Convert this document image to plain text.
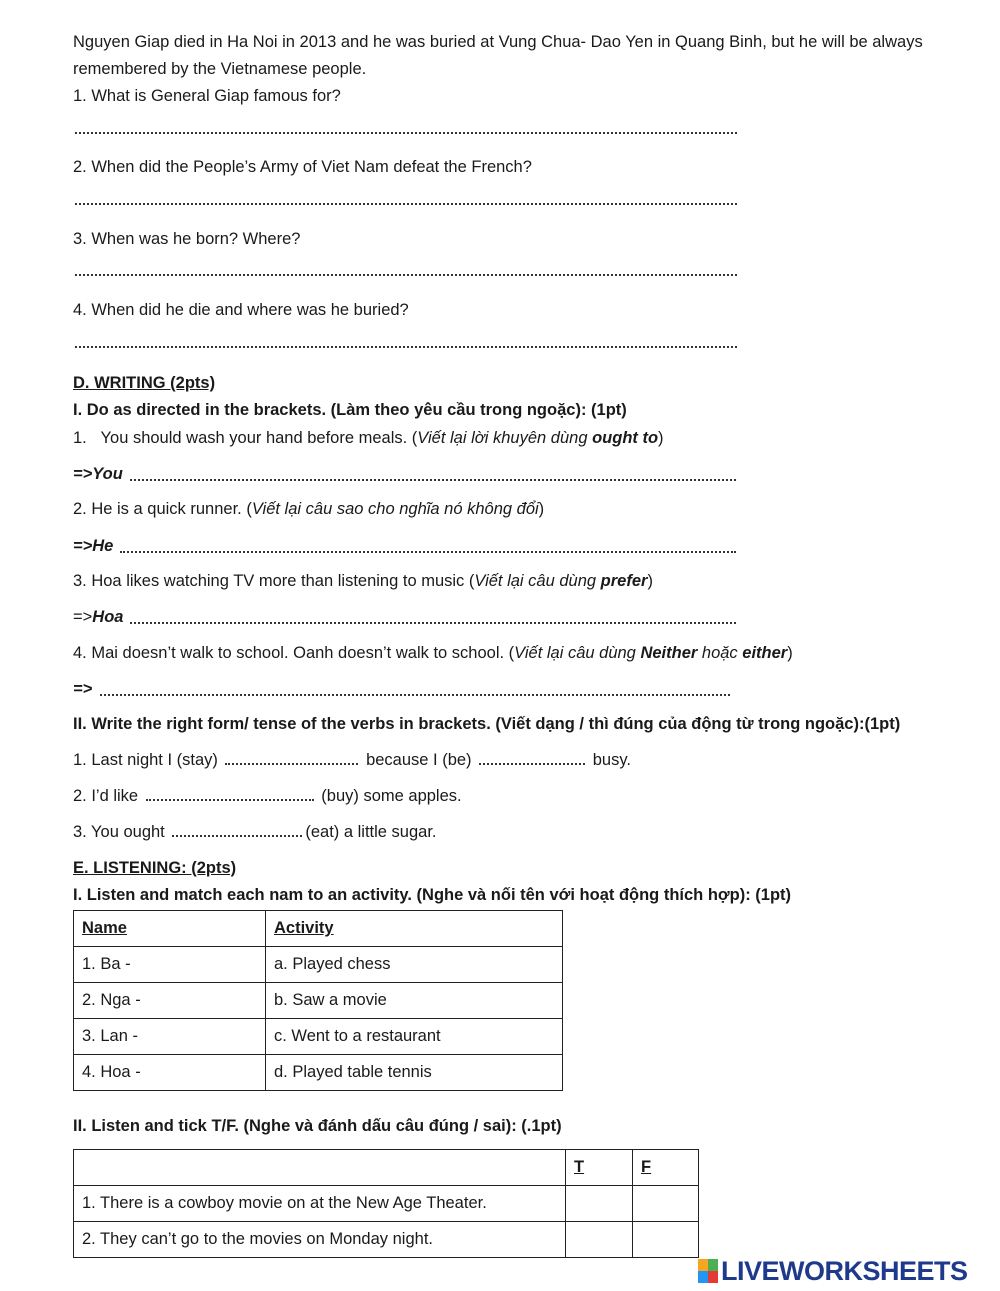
Nguyen Giap died in Ha Noi in 2013 and he was buried at Vung Chua- Dao Yen in Quang Binh, but he will be always remembered by the Vietnamese people.
1. What is General Giap famous for?
2. When did the People’s Army of Viet Nam defeat the French?
3. When was he born? Where?
4. When did he die and where was he buried?
D. WRITING (2pts)
I. Do as directed in the brackets. (Làm theo yêu cầu trong ngoặc): (1pt)
1. You should wash your hand before meals. (Viết lại lời khuyên dùng ought to)
=>You
2. He is a quick runner. (Viết lại câu sao cho nghĩa nó không đổi)
=>He
3. Hoa likes watching TV more than listening to music (Viết lại câu dùng prefer)
=>Hoa
4. Mai doesn’t walk to school. Oanh doesn’t walk to school. (Viết lại câu dùng Neither hoặc either)
=>
II. Write the right form/ tense of the verbs in brackets. (Viết dạng / thì đúng của động từ trong ngoặc):(1pt)
1. Last night I (stay)	because I (be)	busy.
2. I’d like	(buy) some apples.
3. You ought	(eat) a little sugar.
E. LISTENING: (2pts)
I. Listen and match each nam to an activity. (Nghe và nối tên với hoạt động thích hợp): (1pt)
Name	Activity
1. Ba -	a. Played chess
2. Nga -	b. Saw a movie
3. Lan -	c. Went to a restaurant
4. Hoa -	d. Played table tennis
II. Listen and tick T/F. (Nghe và đánh dấu câu đúng / sai): (.1pt)
	T	F
1. There is a cowboy movie on at the New Age Theater.		
2. They can’t go to the movies on Monday night.		
LIVEWORKSHEETS
